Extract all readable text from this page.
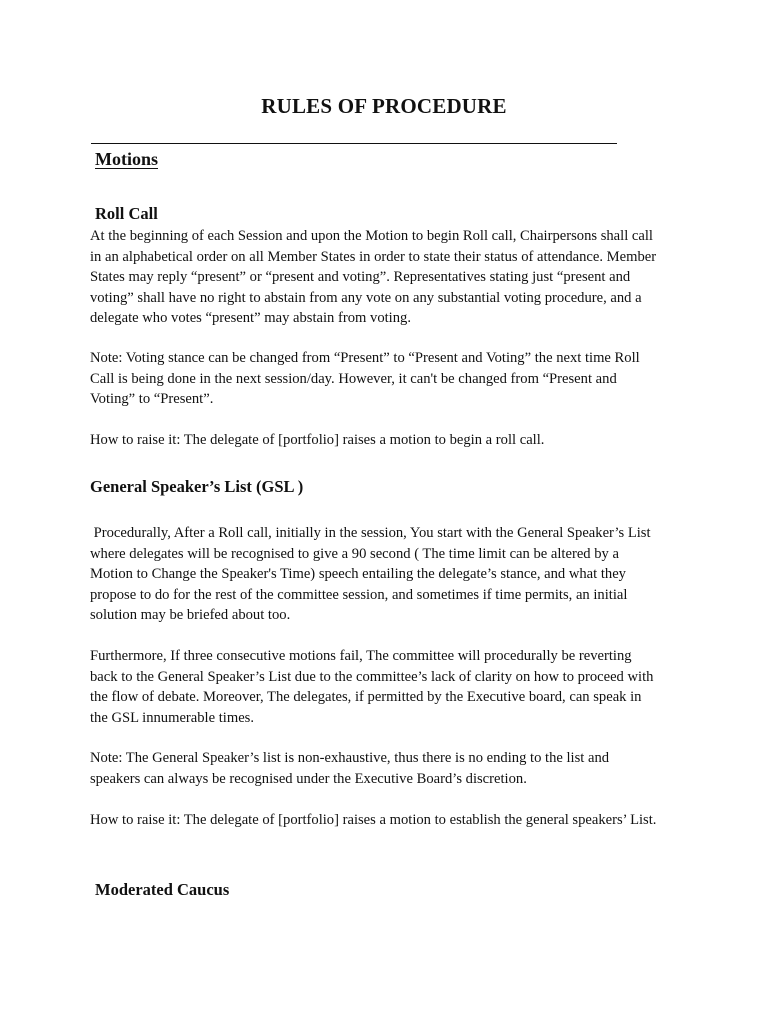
RULES OF PROCEDURE
Motions
Roll Call

At the beginning of each Session and upon the Motion to begin Roll call, Chairpersons shall call
in an alphabetical order on all Member States in order to state their status of attendance. Member
States may reply “present” or “present and voting”. Representatives stating just “present and
voting” shall have no right to abstain from any vote on any substantial voting procedure, and a
delegate who votes “present” may abstain from voting.

Note: Voting stance can be changed from “Present” to “Present and Voting” the next time Roll
Call is being done in the next session/day. However, it can't be changed from “Present and
Voting” to “Present”.

How to raise it: The delegate of [portfolio] raises a motion to begin a roll call.

General Speaker’s List (GSL )

Procedurally, After a Roll call, initially in the session, You start with the General Speaker’s List
where delegates will be recognised to give a 90 second ( The time limit can be altered by a
Motion to Change the Speaker's Time) speech entailing the delegate’s stance, and what they
propose to do for the rest of the committee session, and sometimes if time permits, an initial
solution may be briefed about too.

Furthermore, If three consecutive motions fail, The committee will procedurally be reverting
back to the General Speaker’s List due to the committee’s lack of clarity on how to proceed with
the flow of debate. Moreover, The delegates, if permitted by the Executive board, can speak in
the GSL innumerable times.

Note: The General Speaker’s list is non-exhaustive, thus there is no ending to the list and
speakers can always be recognised under the Executive Board’s discretion.

How to raise it: The delegate of [portfolio] raises a motion to establish the general speakers’ List.

Moderated Caucus
